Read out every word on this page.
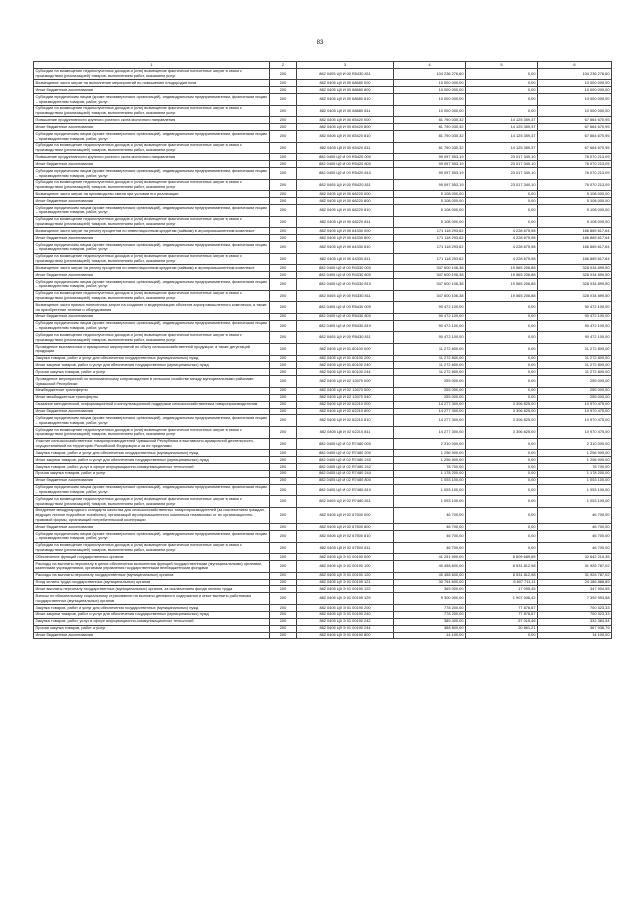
83
1	2	3	4	5	6
Субсидии на возмещение недополученных доходов и (или) возмещение фактически понесенных затрат в связи с производством (реализацией) товаров, выполнением работ, оказанием услуг	200	882 0405 Ц9 И 00 R5430 811	104 236 276,60	0,00	104 236 276,60
Возмещение части затрат на выполнение мероприятий по повышению плодородия почв	200	882 0405 Ц9 И 00 68680 000	10 000 000,00	0,00	10 000 000,00
Иные бюджетные ассигнования	200	882 0405 Ц9 И 00 68680 800	10 000 000,00	0,00	10 000 000,00
Субсидии юридическим лицам (кроме некоммерческих организаций), индивидуальным предпринимателям, физическим лицам – производителям товаров, работ, услуг	200	882 0405 Ц9 И 00 68680 810	10 000 000,00	0,00	10 000 000,00
Субсидии на возмещение недополученных доходов и (или) возмещение фактически понесенных затрат в связи с производством (реализацией) товаров, выполнением работ, оказанием услуг	200	882 0405 Ц9 И 00 68680 811	10 000 000,00	0,00	10 000 000,00
Повышение продуктивности крупного рогатого скота молочного направления	200	882 0405 Ц9 И 00 65420 000	81 790 030,32	14 125 359,37	67 664 670,95
Иные бюджетные ассигнования	200	882 0405 Ц9 И 00 65420 800	81 790 030,32	14 125 359,37	67 664 670,95
Субсидии юридическим лицам (кроме некоммерческих организаций), индивидуальным предпринимателям, физическим лицам – производителям товаров, работ, услуг	200	882 0405 Ц9 И 00 65420 810	81 790 030,32	14 125 359,37	67 664 670,95
Субсидии на возмещение недополученных доходов и (или) возмещение фактически понесенных затрат в связи с производством (реализацией) товаров, выполнением работ, оказанием услуг	200	882 0405 Ц9 И 00 65420 811	81 790 030,32	14 125 359,37	67 664 670,95
Повышение продуктивности крупного рогатого скота молочного направления	200	882 0405 Ц9 И 00 R5420 000	99 097 553,19	23 017 340,10	76 070 213,09
Иные бюджетные ассигнования	200	882 0405 Ц9 И 00 R5420 800	99 097 553,19	23 017 340,10	76 070 213,09
Субсидии юридическим лицам (кроме некоммерческих организаций), индивидуальным предпринимателям, физическим лицам – производителям товаров, работ, услуг	200	882 0405 Ц9 И 00 R5420 810	99 097 553,19	23 017 340,10	76 070 213,09
Субсидии на возмещение недополученных доходов и (или) возмещение фактически понесенных затрат в связи с производством (реализацией) товаров, выполнением работ, оказанием услуг	200	882 0405 Ц9 И 00 R5420 811	99 097 553,19	23 017 340,10	76 070 213,09
Возмещение части затрат на производство хмеля при условии его реализации	200	882 0405 Ц9 И 00 68220 000	5 108 000,00	0,00	5 108 000,00
Иные бюджетные ассигнования	200	882 0405 Ц9 И 00 68220 800	5 108 000,00	0,00	5 108 000,00
Субсидии юридическим лицам (кроме некоммерческих организаций), индивидуальным предпринимателям, физическим лицам – производителям товаров, работ, услуг	200	882 0405 Ц9 И 00 68220 810	5 108 000,00	0,00	5 108 000,00
Субсидии на возмещение недополученных доходов и (или) возмещение фактически понесенных затрат в связи с производством (реализацией) товаров, выполнением работ, оказанием услуг	200	882 0405 Ц9 И 00 68220 811	5 108 000,00	0,00	5 108 000,00
Возмещение части затрат на уплату процентов по инвестиционным кредитам (займам) в агропромышленном комплексе	200	882 0405 Ц9 И 00 64330 000	171 118 293,62	4 228 675,98	166 889 617,64
Иные бюджетные ассигнования	200	882 0405 Ц9 И 00 64330 800	171 118 293,62	4 228 675,98	166 889 617,64
Субсидии юридическим лицам (кроме некоммерческих организаций), индивидуальным предпринимателям, физическим лицам – производителям товаров, работ, услуг	200	882 0405 Ц9 И 00 64330 810	171 118 293,62	4 228 675,98	166 889 617,64
Субсидии на возмещение недополученных доходов и (или) возмещение фактически понесенных затрат в связи с производством (реализацией) товаров, выполнением работ, оказанием услуг	200	882 0405 Ц9 И 00 64330 811	171 118 293,62	4 228 675,98	166 889 617,64
Возмещение части затрат на уплату процентов по инвестиционным кредитам (займам) в агропромышленном комплексе	200	882 0405 Ц9 И 00 R4330 000	347 600 106,38	19 565 206,88	328 034 899,50
Иные бюджетные ассигнования	200	882 0405 Ц9 И 00 R4330 800	347 600 106,38	19 565 206,88	328 034 899,50
Субсидии юридическим лицам (кроме некоммерческих организаций), индивидуальным предпринимателям, физическим лицам – производителям товаров, работ, услуг	200	882 0405 Ц9 И 00 R4330 810	347 600 106,38	19 565 206,88	328 034 899,50
Субсидии на возмещение недополученных доходов и (или) возмещение фактически понесенных затрат в связи с производством (реализацией) товаров, выполнением работ, оказанием услуг	200	882 0405 Ц9 И 00 R4330 811	347 600 106,38	19 565 206,88	328 034 899,50
Возмещение части прямых понесенных затрат на создание и модернизацию объектов агропромышленного комплекса, а также на приобретение техники и оборудования	200	882 0405 Ц9 И 00 R5430 000	90 472 100,00	0,00	90 472 100,00
Иные бюджетные ассигнования	200	882 0405 Ц9 И 00 R5430 800	90 472 100,00	0,00	90 472 100,00
Субсидии юридическим лицам (кроме некоммерческих организаций), индивидуальным предпринимателям, физическим лицам – производителям товаров, работ, услуг	200	882 0405 Ц9 И 00 R5430 810	90 472 100,00	0,00	90 472 100,00
Субсидии на возмещение недополученных доходов и (или) возмещение фактически понесенных затрат в связи с производством (реализацией) товаров, выполнением работ, оказанием услуг	200	882 0405 Ц9 И 00 R5430 811	90 472 100,00	0,00	90 472 100,00
Проведение выставочных и ярмарочных мероприятий по сбыту сельскохозяйственной продукции, а также дегустаций продукции	200	882 0405 Ц9 И 01 60100 000	11 272 800,00	0,00	11 272 800,00
Закупка товаров, работ и услуг для обеспечения государственных (муниципальных) нужд	200	882 0405 Ц9 И 01 60100 200	11 272 800,00	0,00	11 272 800,00
Иные закупки товаров, работ и услуг для обеспечения государственных (муниципальных) нужд	200	882 0405 Ц9 И 01 60100 240	11 272 800,00	0,00	11 272 800,00
Прочая закупка товаров, работ и услуг	200	882 0405 Ц9 И 01 60100 244	11 272 800,00	0,00	11 272 800,00
Проведение мероприятий по экономическому сопровождению в сельском хозяйстве между муниципальными районами Чувашской Республики	200	882 0405 Ц9 И 02 12670 000	255 000,00	0,00	255 000,00
Межбюджетные трансферты	200	882 0405 Ц9 И 02 12670 500	255 000,00	0,00	255 000,00
Иные межбюджетные трансферты	200	882 0405 Ц9 И 02 12670 540	255 000,00	0,00	255 000,00
Оказание методической, информационной и консультационной поддержки сельскохозяйственным товаропроизводителям	200	882 0405 Ц9 И 02 62210 000	14 277 300,00	3 306 825,00	10 970 475,00
Иные бюджетные ассигнования	200	882 0405 Ц9 И 02 62210 800	14 277 300,00	3 306 825,00	10 970 475,00
Субсидии юридическим лицам (кроме некоммерческих организаций), индивидуальным предпринимателям, физическим лицам – производителям товаров, работ, услуг	200	882 0405 Ц9 И 02 62210 810	14 277 300,00	3 306 825,00	10 970 475,00
Субсидии на возмещение недополученных доходов и (или) возмещение фактически понесенных затрат в связи с производством (реализацией) товаров, выполнением работ, оказанием услуг	200	882 0405 Ц9 И 02 62210 811	14 277 300,00	3 306 825,00	10 970 475,00
Участие сельскохозяйственных товаропроизводителей Чувашской Республики в выставочно-ярмарочной деятельности, осуществляемой на территории Российской Федерации и за ее пределами	200	882 0405 Ц9 И 02 R7480 000	2 310 000,00	0,00	2 310 000,00
Закупка товаров, работ и услуг для обеспечения государственных (муниципальных) нужд	200	882 0405 Ц9 И 02 R7480 200	1 256 900,00	0,00	1 256 900,00
Иные закупки товаров, работ и услуг для обеспечения государственных (муниципальных) нужд	200	882 0405 Ц9 И 02 R7480 240	1 256 900,00	0,00	1 256 900,00
Закупка товаров, работ, услуг в сфере информационно-коммуникационных технологий	200	882 0405 Ц9 И 02 R7480 242	78 700,00	0,00	78 700,00
Прочая закупка товаров, работ и услуг	200	882 0405 Ц9 И 02 R7480 244	1 178 200,00	0,00	1 178 200,00
Иные бюджетные ассигнования	200	882 0405 Ц9 И 02 R7480 800	1 053 100,00	0,00	1 053 100,00
Субсидии юридическим лицам (кроме некоммерческих организаций), индивидуальным предпринимателям, физическим лицам – производителям товаров, работ, услуг	200	882 0405 Ц9 И 02 R7480 810	1 053 100,00	0,00	1 053 100,00
Субсидии на возмещение недополученных доходов и (или) возмещение фактически понесенных затрат в связи с производством (реализацией) товаров, выполнением работ, оказанием услуг	200	882 0405 Ц9 И 02 R7480 811	1 053 100,00	0,00	1 053 100,00
Внедрение международного стандарта качества для сельскохозяйственных товаропроизводителей (за исключением граждан, ведущих личное подсобное хозяйство), организаций агропромышленного комплекса независимо от их организационно-правовой формы, организаций потребительской кооперации	200	882 0405 Ц9 И 02 67500 000	46 700,00	0,00	46 700,00
Иные бюджетные ассигнования	200	882 0405 Ц9 И 02 67500 800	46 700,00	0,00	46 700,00
Субсидии юридическим лицам (кроме некоммерческих организаций), индивидуальным предпринимателям, физическим лицам – производителям товаров, работ, услуг	200	882 0405 Ц9 И 02 67500 810	46 700,00	0,00	46 700,00
Субсидии на возмещение недополученных доходов и (или) возмещение фактически понесенных затрат в связи с производством (реализацией) товаров, выполнением работ, оказанием услуг	200	882 0405 Ц9 И 02 67500 811	46 700,00	0,00	46 700,00
Обеспечение функций государственных органов	200	882 0405 Ц9 Э 01 00190 000	41 251 900,00	8 609 689,65	32 642 210,35
Расходы на выплаты персоналу в целях обеспечения выполнения функций государственными (муниципальными) органами, казенными учреждениями, органами управления государственными внебюджетными фондами	200	882 0405 Ц9 Э 01 00190 100	40 458 600,00	8 531 812,98	31 926 787,02
Расходы на выплаты персоналу государственных (муниципальных) органов	200	882 0405 Ц9 Э 01 00190 120	40 458 600,00	8 531 812,98	31 926 787,02
Фонд оплаты труда государственных (муниципальных) органов	200	882 0405 Ц9 Э 01 00190 121	30 794 600,00	6 607 711,11	24 186 888,89
Иные выплаты персоналу государственных (муниципальных) органов, за исключением фонда оплаты труда	200	882 0405 Ц9 Э 01 00190 122	365 000,00	17 095,45	347 904,55
Взносы по обязательному социальному страхованию на выплаты денежного содержания и иные выплаты работникам государственных (муниципальных) органов	200	882 0405 Ц9 Э 01 00190 129	9 300 000,00	1 907 006,42	7 392 993,58
Закупка товаров, работ и услуг для обеспечения государственных (муниципальных) нужд	200	882 0405 Ц9 Э 01 00190 200	778 200,00	77 876,67	700 323,33
Иные закупки товаров, работ и услуг для обеспечения государственных (муниципальных) нужд	200	882 0405 Ц9 Э 01 00190 240	778 200,00	77 876,67	700 323,33
Закупка товаров, работ, услуг в сфере информационно-коммуникационных технологий	200	882 0405 Ц9 Э 01 00190 242	389 400,00	57 015,46	332 384,54
Прочая закупка товаров, работ и услуг	200	882 0405 Ц9 Э 01 00190 244	388 800,00	20 861,21	367 938,79
Иные бюджетные ассигнования	200	882 0405 Ц9 Э 01 00190 800	14 100,00	0,00	14 100,00
